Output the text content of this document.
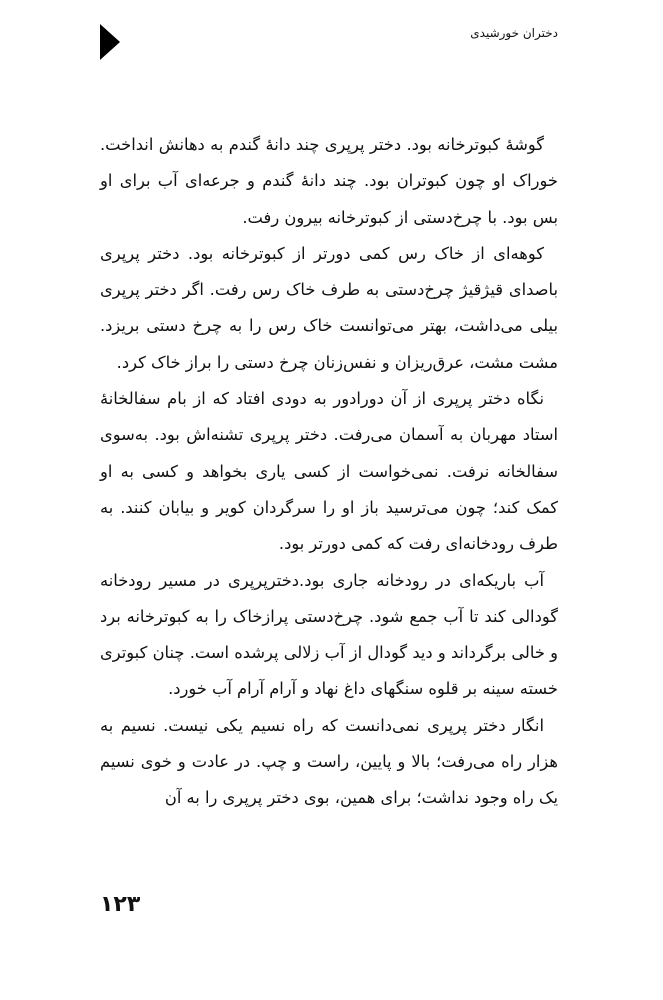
دختران خورشیدی

گوشهٔ کبوترخانه بود. دختر پرپری چند دانهٔ گندم به دهانش انداخت. خوراک او چون کبوتران بود. چند دانهٔ گندم و جرعه‌ای آب برای او بس بود. با چرخ‌دستی از کبوترخانه بیرون رفت.

کوهه‌ای از خاک رس کمی دورتر از کبوترخانه بود. دختر پرپری باصدای قیژقیژ چرخ‌دستی به طرف خاک رس رفت. اگر دختر پرپری بیلی می‌داشت، بهتر می‌توانست خاک رس را به چرخ دستی بریزد. مشت مشت، عرق‌ریزان و نفس‌زنان چرخ دستی را براز خاک کرد.

نگاه دختر پرپری از آن دورادور به دودی افتاد که از بام سفالخانهٔ استاد مهربان به آسمان می‌رفت. دختر پرپری تشنه‌اش بود. به‌سوی سفالخانه نرفت. نمی‌خواست از کسی یاری بخواهد و کسی به او کمک کند؛ چون می‌ترسید باز او را سرگردان کویر و بیابان کنند. به طرف رودخانه‌ای رفت که کمی دورتر بود.

آب باریکه‌ای در رودخانه جاری بود.دخترپرپری در مسیر رودخانه گودالی کند تا آب جمع شود. چرخ‌دستی پرازخاک را به کبوترخانه برد و خالی برگرداند و دید گودال از آب زلالی پرشده است. چنان کبوتری خسته سینه بر قلوه سنگهای داغ نهاد و آرام آرام آب خورد.

انگار دختر پرپری نمی‌دانست که راه نسیم یکی نیست. نسیم به هزار راه می‌رفت؛ بالا و پایین، راست و چپ. در عادت و خوی نسیم یک راه وجود نداشت؛ برای همین، بوی دختر پرپری را به آن

۱۲۳
